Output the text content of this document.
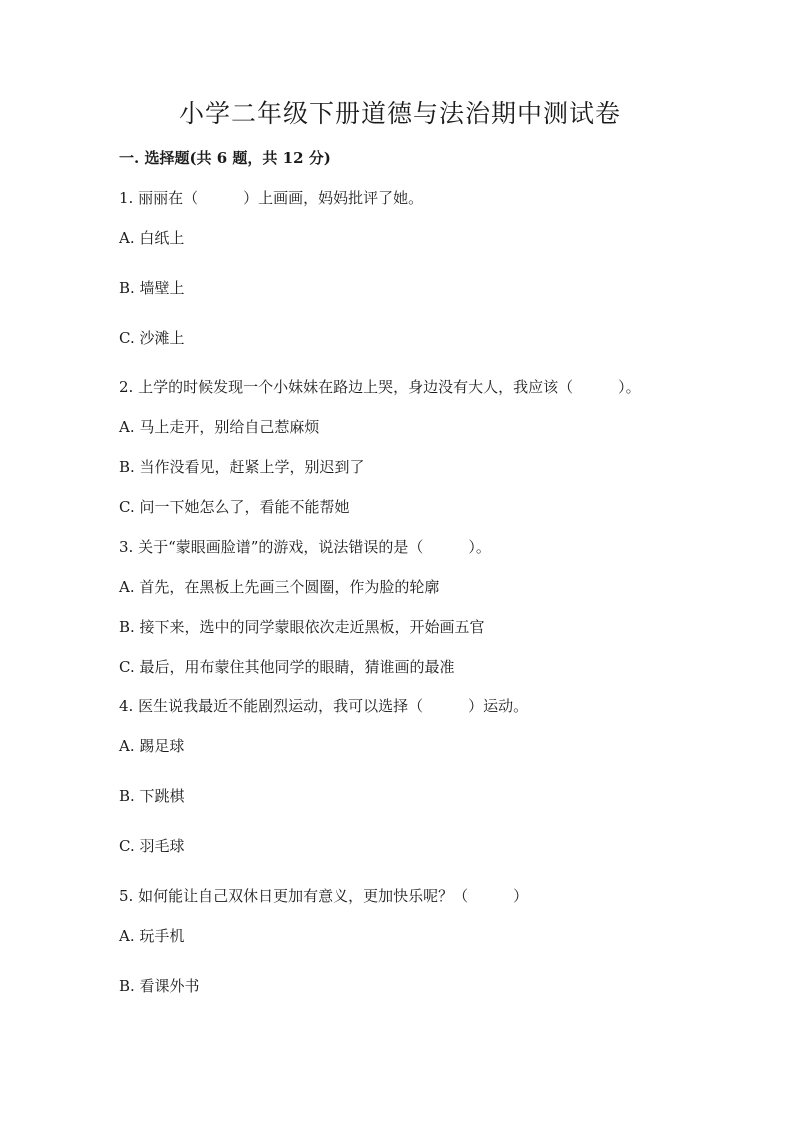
小学二年级下册道德与法治期中测试卷
一. 选择题(共 6 题，共 12 分)
1. 丽丽在（　　　）上画画，妈妈批评了她。
A. 白纸上
B. 墙壁上
C. 沙滩上
2. 上学的时候发现一个小妹妹在路边上哭，身边没有大人，我应该（　　　）。
A. 马上走开，别给自己惹麻烦
B. 当作没看见，赶紧上学，别迟到了
C. 问一下她怎么了，看能不能帮她
3. 关于“蒙眼画脸谱”的游戏，说法错误的是（　　　）。
A. 首先，在黑板上先画三个圆圈，作为脸的轮廓
B. 接下来，选中的同学蒙眼依次走近黑板，开始画五官
C. 最后，用布蒙住其他同学的眼睛，猜谁画的最准
4. 医生说我最近不能剧烈运动，我可以选择（　　　）运动。
A. 踢足球
B. 下跳棋
C. 羽毛球
5. 如何能让自己双休日更加有意义，更加快乐呢？（　　　）
A. 玩手机
B. 看课外书
